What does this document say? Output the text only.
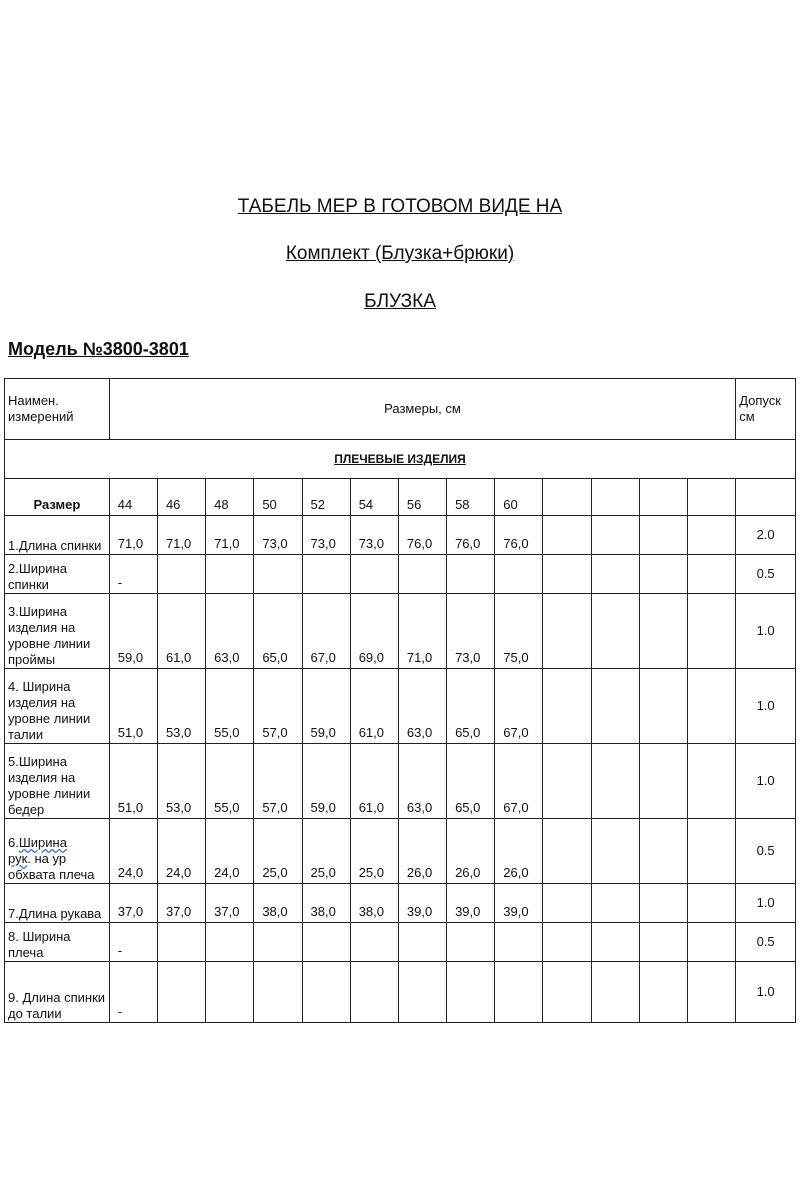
ТАБЕЛЬ МЕР В ГОТОВОМ ВИДЕ НА
Комплект (Блузка+брюки)
БЛУЗКА
Модель №3800-3801
Наимен. измерений	Размеры, см													Допуск см
ПЛЕЧЕВЫЕ ИЗДЕЛИЯ														
Размер	44	46	48	50	52	54	56	58	60					
1.Длина спинки	71,0	71,0	71,0	73,0	73,0	73,0	76,0	76,0	76,0					2.0
2.Ширина спинки	-													0.5
3.Ширина изделия на уровне линии проймы	59,0	61,0	63,0	65,0	67,0	69,0	71,0	73,0	75,0					1.0
4. Ширина изделия на уровне линии талии	51,0	53,0	55,0	57,0	59,0	61,0	63,0	65,0	67,0					1.0
5.Ширина изделия на уровне линии бедер	51,0	53,0	55,0	57,0	59,0	61,0	63,0	65,0	67,0					1.0
6.Ширина
рук. на ур обхвата плеча	24,0	24,0	24,0	25,0	25,0	25,0	26,0	26,0	26,0					0.5
7.Длина рукава	37,0	37,0	37,0	38,0	38,0	38,0	39,0	39,0	39,0					1.0
8. Ширина плеча	-													0.5
9. Длина спинки до талии	-													1.0
